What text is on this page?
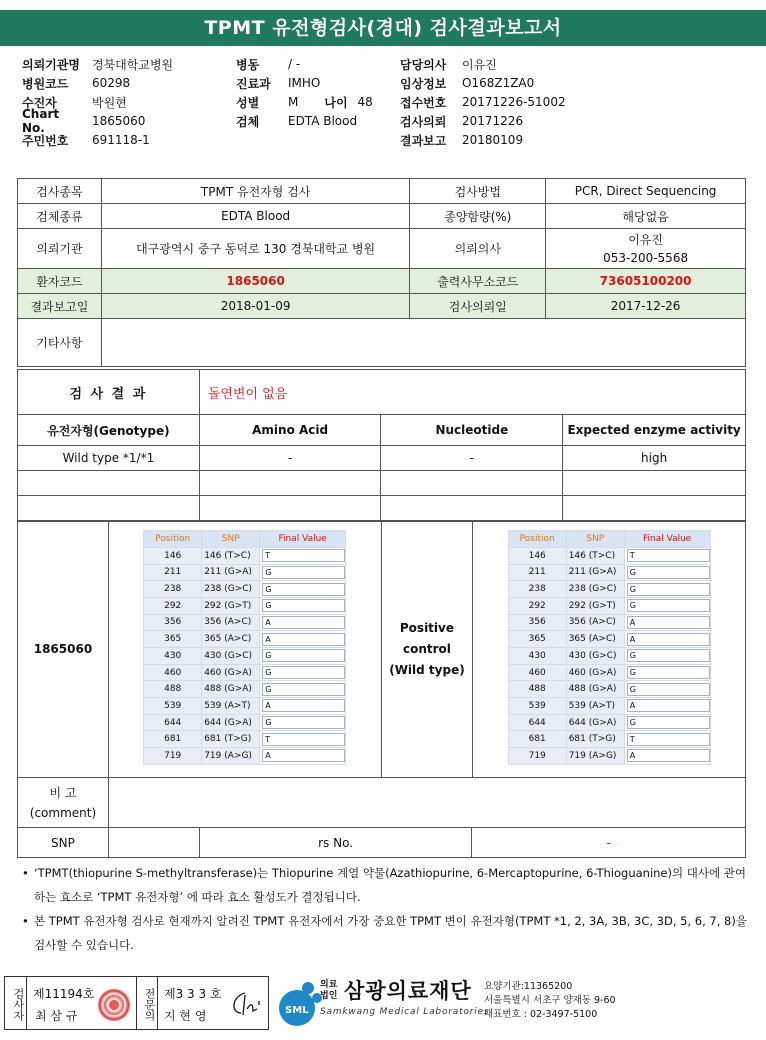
TPMT 유전형검사(경대) 검사결과보고서
의뢰기관명	경북대학교병원
병원코드	60298
수진자	박원현
Chart No.	1865060
주민번호	691118-1
병동	/ -
진료과	IMHO
성별	M 나이 48
검체	EDTA Blood
담당의사	이유진
임상정보	O168Z1ZA0
접수번호	20171226-51002
검사의뢰	20171226
결과보고	20180109
검사종목	TPMT 유전자형 검사	검사방법	PCR, Direct Sequencing
검체종류	EDTA Blood	종양함량(%)	해당없음
의뢰기관	대구광역시 중구 동덕로 130 경북대학교 병원	의뢰의사	이유진
053-200-5568

환자코드	1865060	출력사무소코드	73605100200
결과보고일	2018-01-09	검사의뢰일	2017-12-26
기타사항			
검 사 결 과	돌연변이 없음		
유전자형(Genotype)	Amino Acid	Nucleotide	Expected enzyme activity
Wild type *1/*1	-	-	high

1865060	
Position	SNP	Final Value
146	146 (T>C)	T

211	211 (G>A)	G

238	238 (G>C)	G

292	292 (G>T)	G

356	356 (A>C)	A

365	365 (A>C)	A

430	430 (G>C)	G

460	460 (G>A)	G

488	488 (G>A)	G

539	539 (A>T)	A

644	644 (G>A)	G

681	681 (T>G)	T

719	719 (A>G)	A

Positive
control
(Wild type)

Position	SNP	Final Value
146	146 (T>C)	T

211	211 (G>A)	G

238	238 (G>C)	G

292	292 (G>T)	G

356	356 (A>C)	A

365	365 (A>C)	A

430	430 (G>C)	G

460	460 (G>A)	G

488	488 (G>A)	G

539	539 (A>T)	A

644	644 (G>A)	G

681	681 (T>G)	T

719	719 (A>G)	A
비 고
(comment)			

SNP		rs No.	-
• ‘TPMT(thiopurine S-methyltransferase)는 Thiopurine 계열 약물(Azathiopurine, 6-Mercaptopurine, 6-Thioguanine)의 대사에 관여하는 효소로 ‘TPMT 유전자형’ 에 따라 효소 활성도가 결정됩니다.
• 본 TPMT 유전자형 검사로 현재까지 알려진 TPMT 유전자에서 가장 중요한 TPMT 변이 유전자형(TPMT *1, 2, 3A, 3B, 3C, 3D, 5, 6, 7, 8)을 검사할 수 있습니다.
검사자 제11194호
최 삼 규	전문의 제3 3 3 호
지 현 영	SML
의료
법인 삼광의료재단
Samkwang Medical Laboratories
요양기관:11365200
서울특별시 서초구 양재동 9-60
대표번호 : 02-3497-5100
